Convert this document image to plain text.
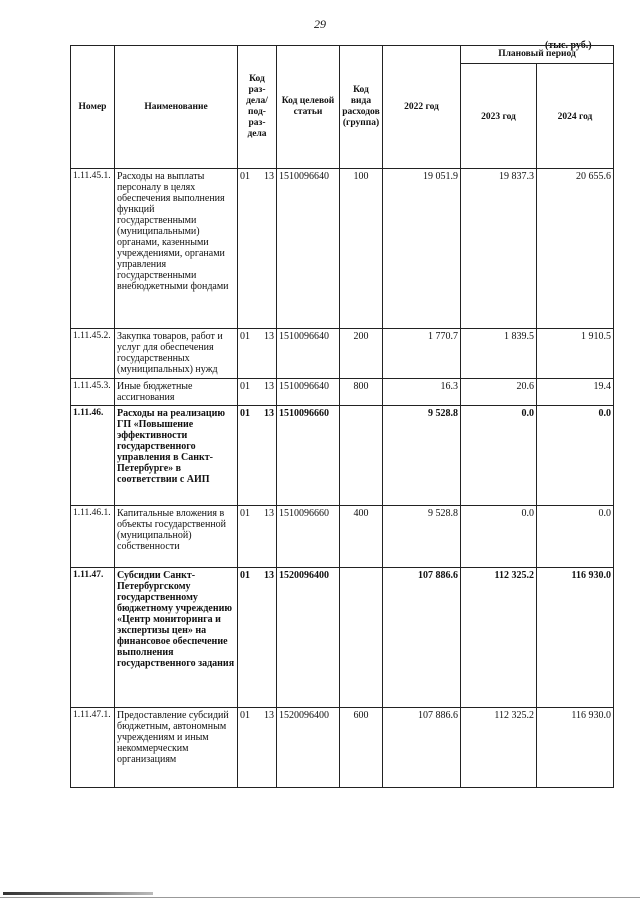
29
(тыс. руб.)
Номер	Наименование	Код раз-дела/ под-раз-дела	Код целевой статьи	Код вида расходов (группа)	2022 год	Плановый период	
						2023 год	2024 год
1.11.45.1.	Расходы на выплаты персоналу в целях обеспечения выполнения функций государственными (муниципальными) органами, казенными учреждениями, органами управления государственными внебюджетными фондами	01 13	1510096640	100	19 051.9	19 837.3	20 655.6
1.11.45.2.	Закупка товаров, работ и услуг для обеспечения государственных (муниципальных) нужд	01 13	1510096640	200	1 770.7	1 839.5	1 910.5
1.11.45.3.	Иные бюджетные ассигнования	01 13	1510096640	800	16.3	20.6	19.4
1.11.46.	Расходы на реализацию ГП «Повышение эффективности государственного управления в Санкт-Петербурге» в соответствии с АИП	01 13	1510096660		9 528.8	0.0	0.0
1.11.46.1.	Капитальные вложения в объекты государственной (муниципальной) собственности	01 13	1510096660	400	9 528.8	0.0	0.0
1.11.47.	Субсидии Санкт-Петербургскому государственному бюджетному учреждению «Центр мониторинга и экспертизы цен» на финансовое обеспечение выполнения государственного задания	01 13	1520096400		107 886.6	112 325.2	116 930.0
1.11.47.1.	Предоставление субсидий бюджетным, автономным учреждениям и иным некоммерческим организациям	01 13	1520096400	600	107 886.6	112 325.2	116 930.0
